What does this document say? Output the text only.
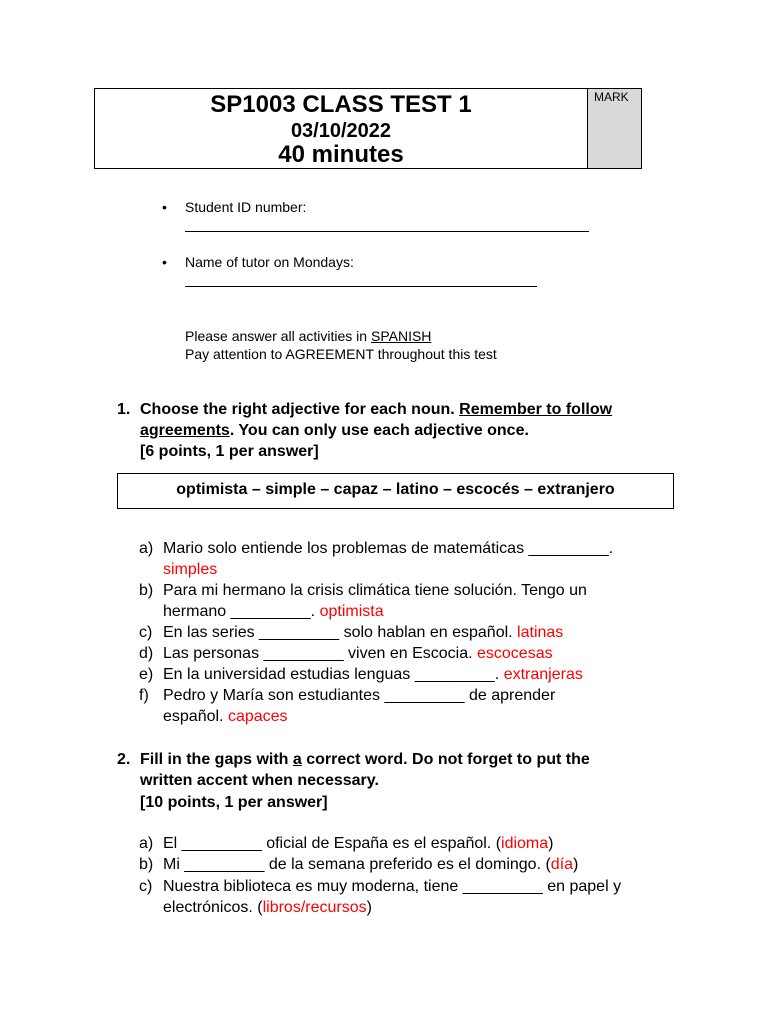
SP1003 CLASS TEST 1
03/10/2022
40 minutes
MARK
• Student ID number:
• Name of tutor on Mondays:
Please answer all activities in SPANISH
Pay attention to AGREEMENT throughout this test
1. Choose the right adjective for each noun. Remember to follow
agreements. You can only use each adjective once.
[6 points, 1 per answer]
optimista – simple – capaz – latino – escocés – extranjero
a) Mario solo entiende los problemas de matemáticas _________.
simples
b) Para mi hermano la crisis climática tiene solución. Tengo un
hermano _________. optimista
c) En las series _________ solo hablan en español. latinas
d) Las personas _________ viven en Escocia. escocesas
e) En la universidad estudias lenguas _________. extranjeras
f) Pedro y María son estudiantes _________ de aprender
español. capaces
2. Fill in the gaps with a correct word. Do not forget to put the
written accent when necessary.
[10 points, 1 per answer]
a) El _________ oficial de España es el español. (idioma)
b) Mi _________ de la semana preferido es el domingo. (día)
c) Nuestra biblioteca es muy moderna, tiene _________ en papel y
electrónicos. (libros/recursos)
